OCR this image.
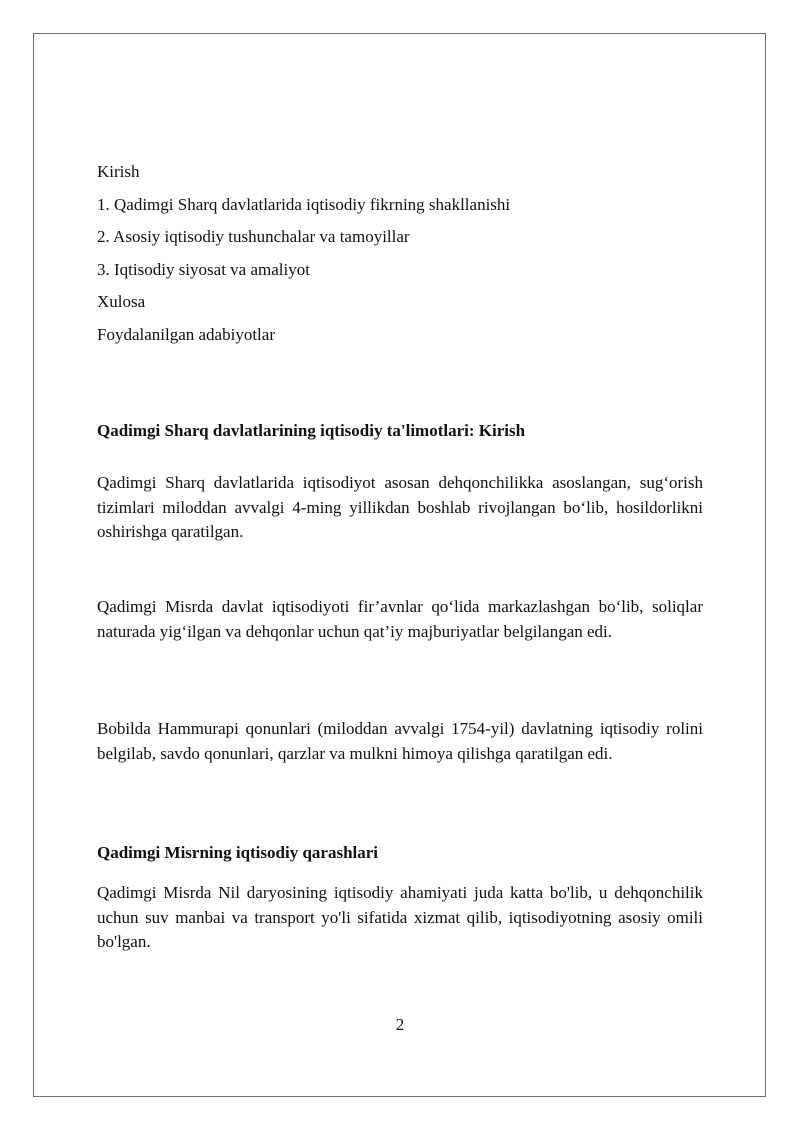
Kirish
1. Qadimgi Sharq davlatlarida iqtisodiy fikrning shakllanishi
2. Asosiy iqtisodiy tushunchalar va tamoyillar
3. Iqtisodiy siyosat va amaliyot
Xulosa
Foydalanilgan adabiyotlar
Qadimgi Sharq davlatlarining iqtisodiy ta'limotlari: Kirish

Qadimgi Sharq davlatlarida iqtisodiyot asosan dehqonchilikka asoslangan, sug‘orish tizimlari miloddan avvalgi 4-ming yillikdan boshlab rivojlangan bo‘lib, hosildorlikni oshirishga qaratilgan.

Qadimgi Misrda davlat iqtisodiyoti fir’avnlar qo‘lida markazlashgan bo‘lib, soliqlar naturada yig‘ilgan va dehqonlar uchun qat’iy majburiyatlar belgilangan edi.

Bobilda Hammurapi qonunlari (miloddan avvalgi 1754-yil) davlatning iqtisodiy rolini belgilab, savdo qonunlari, qarzlar va mulkni himoya qilishga qaratilgan edi.

Qadimgi Misrning iqtisodiy qarashlari

Qadimgi Misrda Nil daryosining iqtisodiy ahamiyati juda katta bo'lib, u dehqonchilik uchun suv manbai va transport yo'li sifatida xizmat qilib, iqtisodiyotning asosiy omili bo'lgan.

2
